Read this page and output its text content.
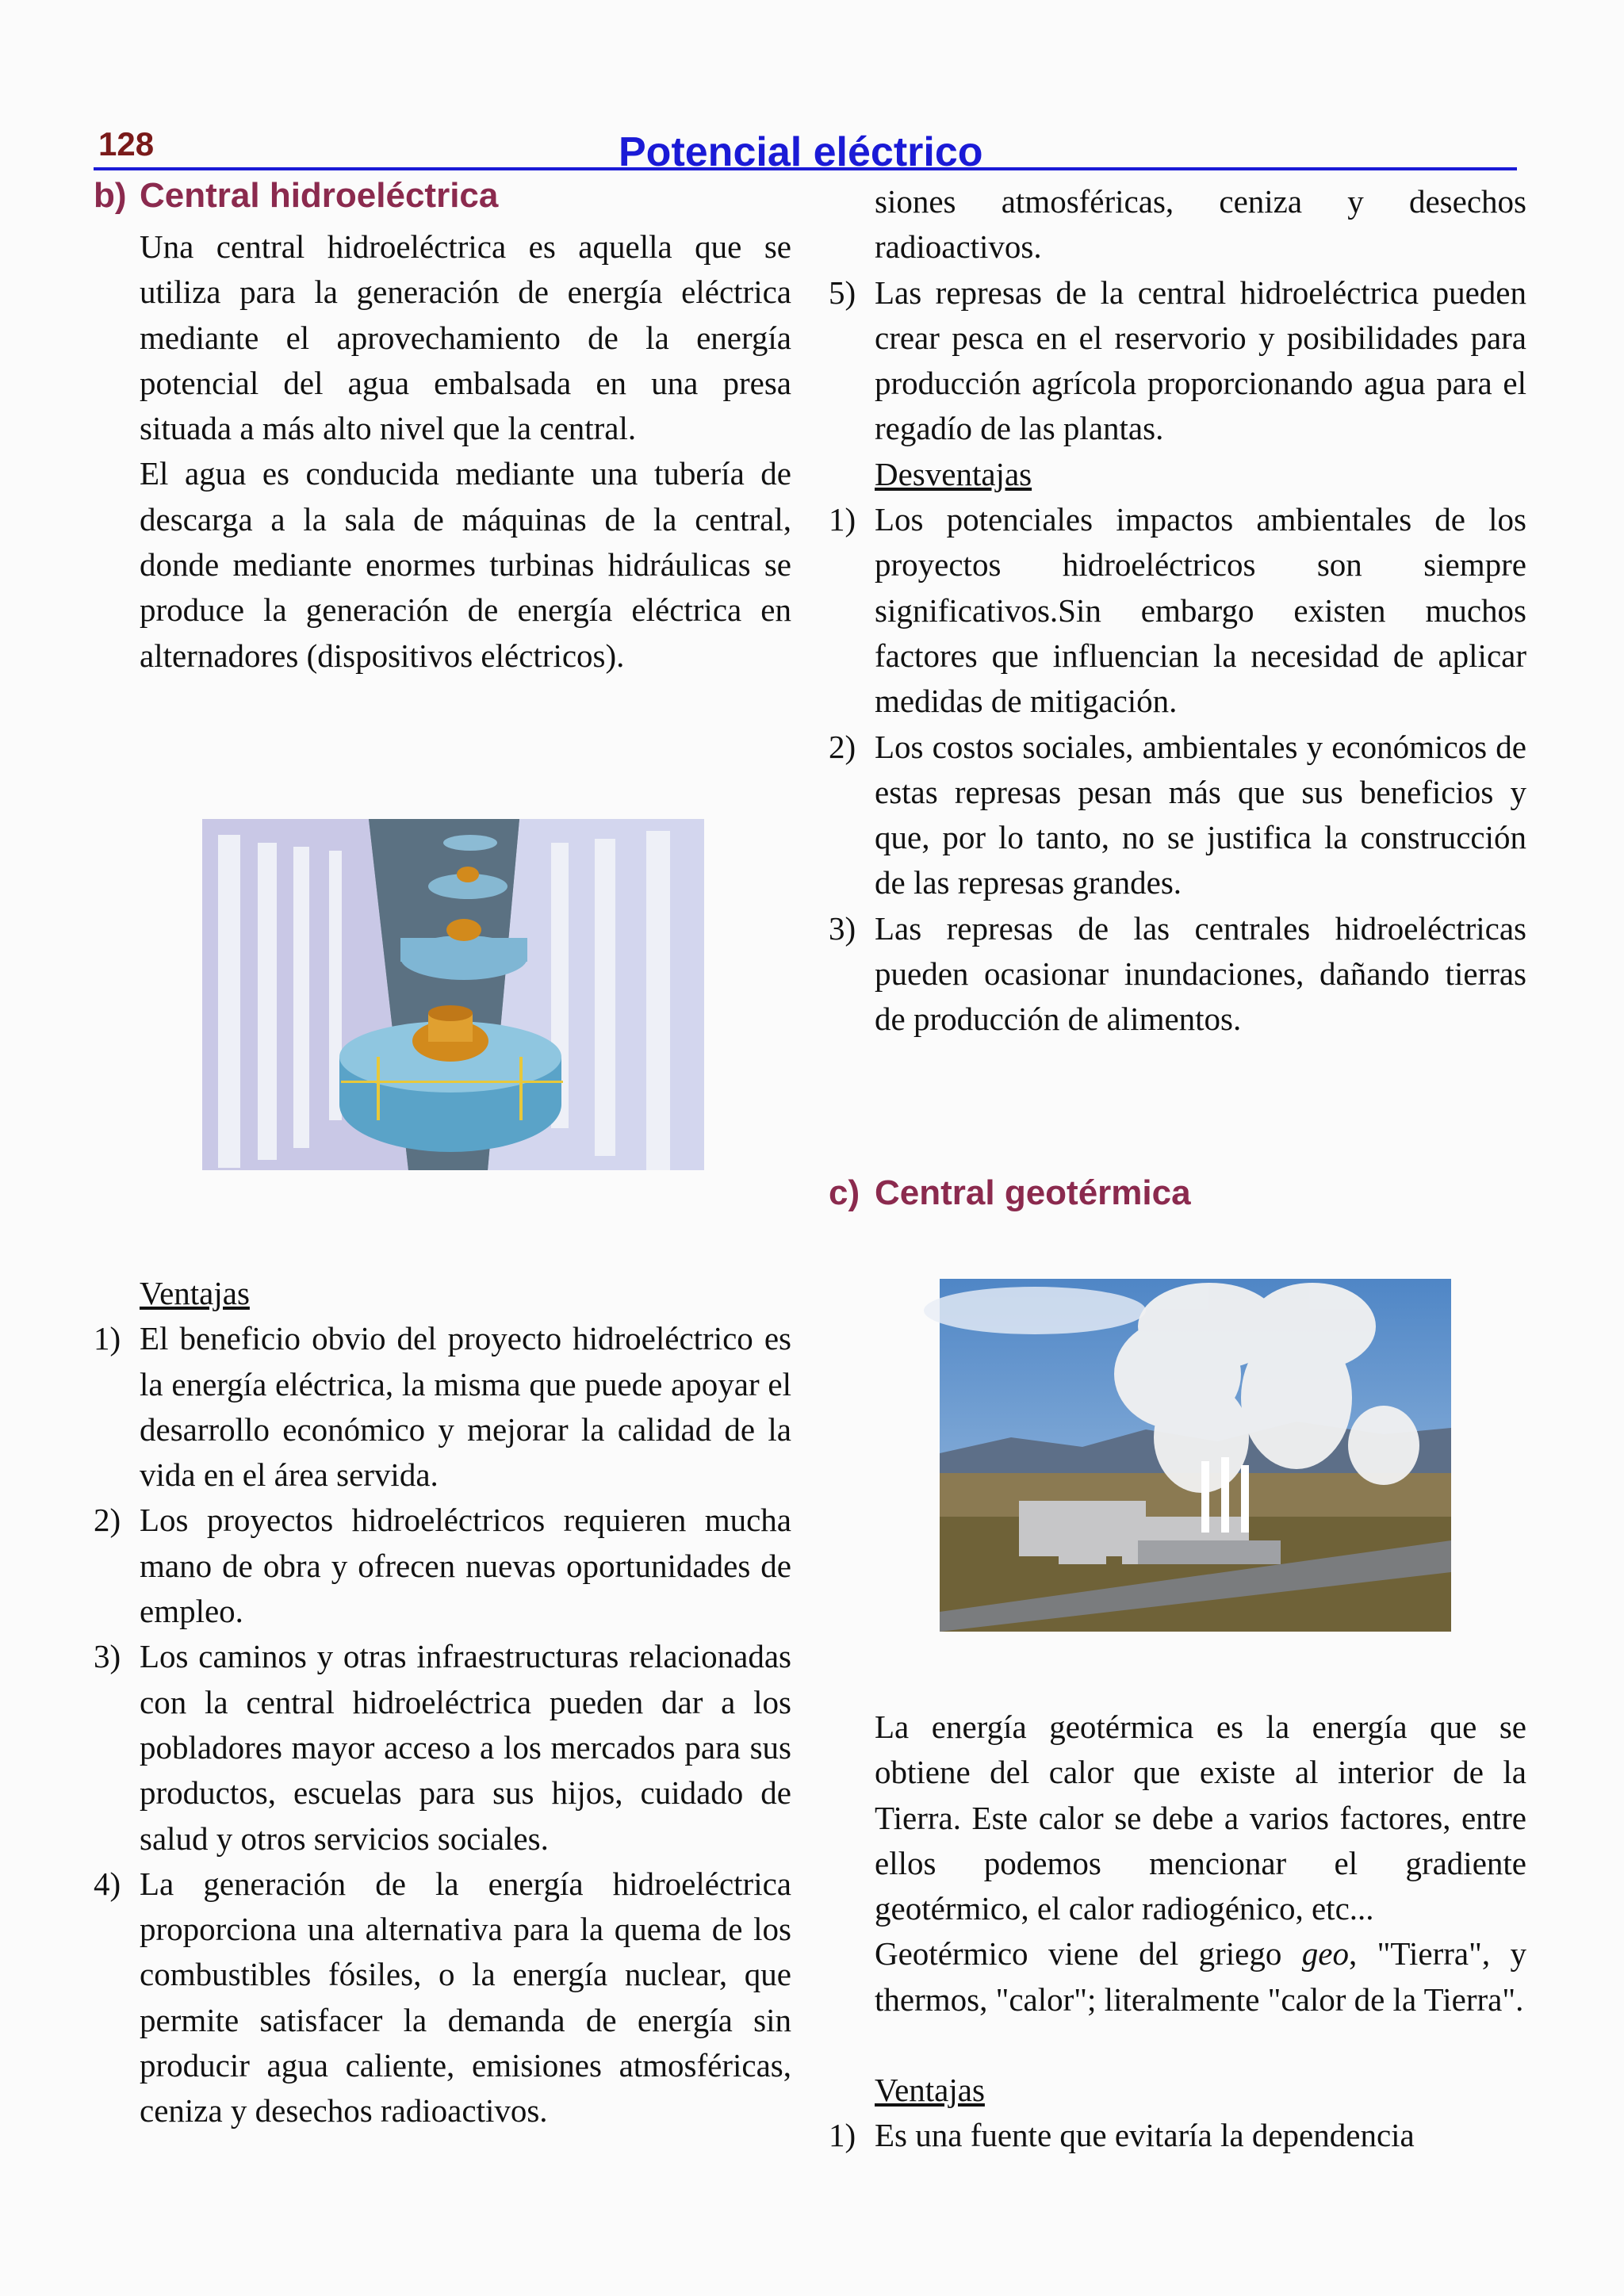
128	Potencial eléctrico
b) Central hidroeléctrica

Una central hidroeléctrica es aquella que se utiliza para la generación de energía eléctrica mediante el aprovechamiento de la energía potencial del agua embalsada en una presa situada a más alto nivel que la central.

El agua es conducida mediante una tubería de descarga a la sala de máquinas de la central, donde mediante enormes turbinas hidráulicas se produce la generación de energía eléctrica en alternadores (dispositivos eléctricos).

Ventajas
1) El beneficio obvio del proyecto hidroeléctrico es la energía eléctrica, la misma que puede apoyar el desarrollo económico y mejorar la calidad de la vida en el área servida.
2) Los proyectos hidroeléctricos requieren mucha mano de obra y ofrecen nuevas oportunidades de empleo.
3) Los caminos y otras infraestructuras relacionadas con la central hidroeléctrica pueden dar a los pobladores mayor acceso a los mercados para sus productos, escuelas para sus hijos, cuidado de salud y otros servicios sociales.
4) La generación de la energía hidroeléctrica proporciona una alternativa para la quema de los combustibles fósiles, o la energía nuclear, que permite satisfacer la demanda de energía sin producir agua caliente, emisiones atmosféricas, ceniza y desechos radioactivos.

siones atmosféricas, ceniza y desechos radioactivos.

5) Las represas de la central hidroeléctrica pueden crear pesca en el reservorio y posibilidades para producción agrícola proporcionando agua para el regadío de las plantas.
Desventajas
1) Los potenciales impactos ambientales de los proyectos hidroeléctricos son siempre significativos.Sin embargo existen muchos factores que influencian la necesidad de aplicar medidas de mitigación.
2) Los costos sociales, ambientales y económicos de estas represas pesan más que sus beneficios y que, por lo tanto, no se justifica la construcción de las represas grandes.
3) Las represas de las centrales hidroeléctricas pueden ocasionar inundaciones, dañando tierras de producción de alimentos.
c) Central geotérmica

La energía geotérmica es la energía que se obtiene del calor que existe al interior de la Tierra. Este calor se debe a varios factores, entre ellos podemos mencionar el gradiente geotérmico, el calor radiogénico, etc...

Geotérmico viene del griego geo, "Tierra", y thermos, "calor"; literalmente "calor de la Tierra".

Ventajas
1) Es una fuente que evitaría la dependencia
